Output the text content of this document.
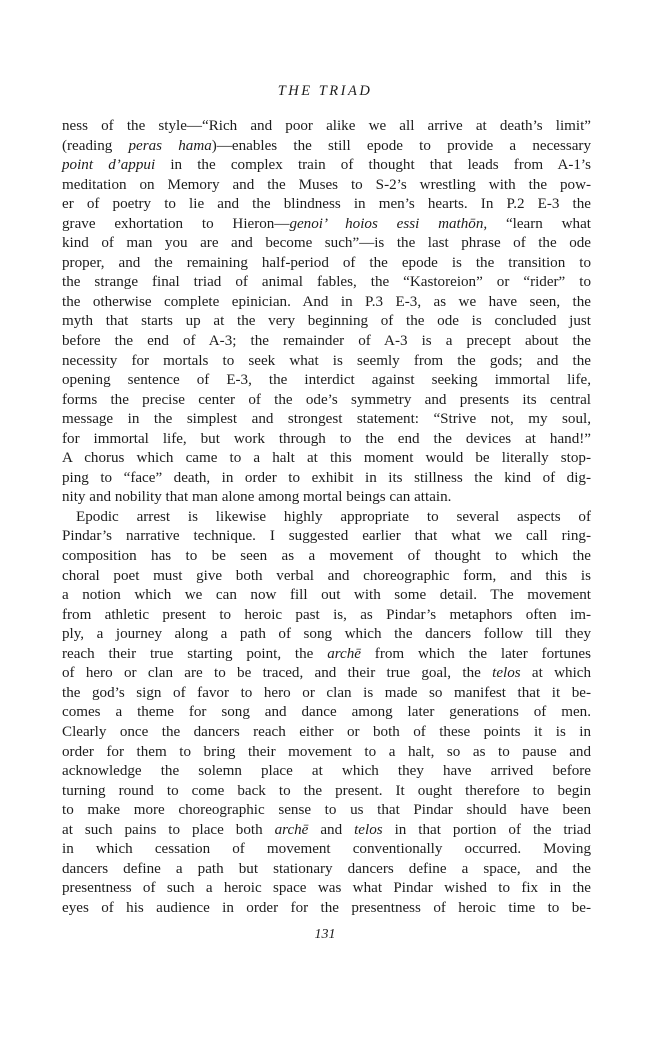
THE TRIAD
ness of the style—“Rich and poor alike we all arrive at death’s limit”
(reading peras hama)—enables the still epode to provide a necessary
point d’appui in the complex train of thought that leads from A-1’s
meditation on Memory and the Muses to S-2’s wrestling with the pow-
er of poetry to lie and the blindness in men’s hearts. In P.2 E-3 the
grave exhortation to Hieron—genoi’ hoios essi mathōn, “learn what
kind of man you are and become such”—is the last phrase of the ode
proper, and the remaining half-period of the epode is the transition to
the strange final triad of animal fables, the “Kastoreion” or “rider” to
the otherwise complete epinician. And in P.3 E-3, as we have seen, the
myth that starts up at the very beginning of the ode is concluded just
before the end of A-3; the remainder of A-3 is a precept about the
necessity for mortals to seek what is seemly from the gods; and the
opening sentence of E-3, the interdict against seeking immortal life,
forms the precise center of the ode’s symmetry and presents its central
message in the simplest and strongest statement: “Strive not, my soul,
for immortal life, but work through to the end the devices at hand!”
A chorus which came to a halt at this moment would be literally stop-
ping to “face” death, in order to exhibit in its stillness the kind of dig-
nity and nobility that man alone among mortal beings can attain.
Epodic arrest is likewise highly appropriate to several aspects of
Pindar’s narrative technique. I suggested earlier that what we call ring-
composition has to be seen as a movement of thought to which the
choral poet must give both verbal and choreographic form, and this is
a notion which we can now fill out with some detail. The movement
from athletic present to heroic past is, as Pindar’s metaphors often im-
ply, a journey along a path of song which the dancers follow till they
reach their true starting point, the archē from which the later fortunes
of hero or clan are to be traced, and their true goal, the telos at which
the god’s sign of favor to hero or clan is made so manifest that it be-
comes a theme for song and dance among later generations of men.
Clearly once the dancers reach either or both of these points it is in
order for them to bring their movement to a halt, so as to pause and
acknowledge the solemn place at which they have arrived before
turning round to come back to the present. It ought therefore to begin
to make more choreographic sense to us that Pindar should have been
at such pains to place both archē and telos in that portion of the triad
in which cessation of movement conventionally occurred. Moving
dancers define a path but stationary dancers define a space, and the
presentness of such a heroic space was what Pindar wished to fix in the
eyes of his audience in order for the presentness of heroic time to be-
131
